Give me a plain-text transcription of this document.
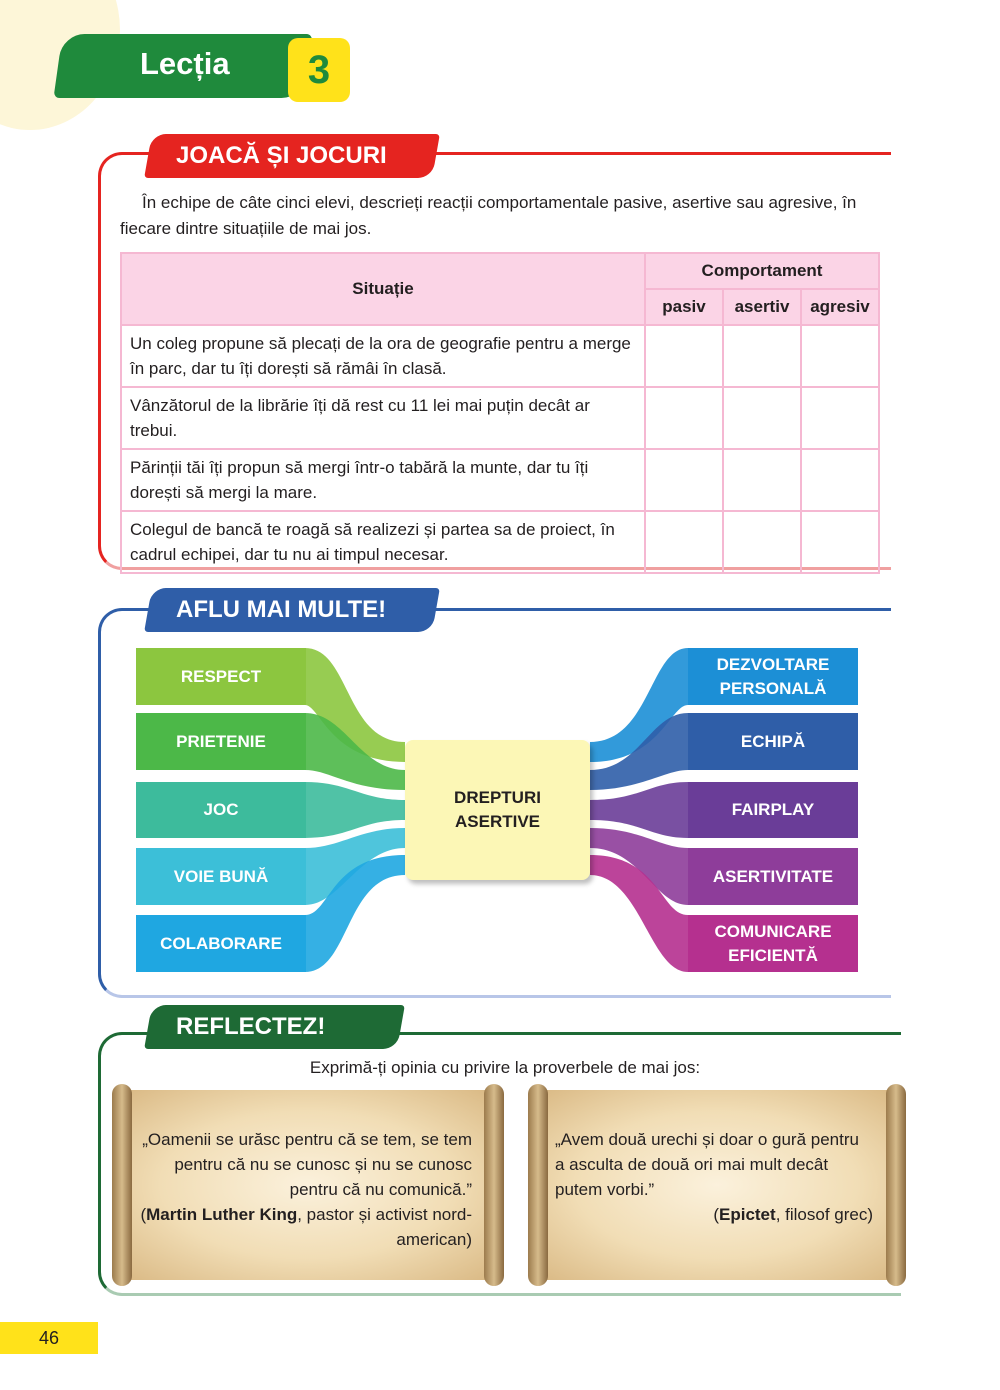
Lecția	3
JOACĂ ȘI JOCURI
În echipe de câte cinci elevi, descrieți reacții comportamentale pasive, asertive sau agresive, în fiecare dintre situațiile de mai jos.
Situație	Comportament		
	pasiv	asertiv	agresiv
Un coleg propune să plecați de la ora de geografie pentru a merge în parc, dar tu îți dorești să rămâi în clasă.			
Vânzătorul de la librărie îți dă rest cu 11 lei mai puțin decât ar trebui.			
Părinții tăi îți propun să mergi într-o tabără la munte, dar tu îți dorești să mergi la mare.			
Colegul de bancă te roagă să realizezi și partea sa de proiect, în cadrul echipei, dar tu nu ai timpul necesar.			
AFLU MAI MULTE!
RESPECT
PRIETENIE
JOC
VOIE BUNĂ
COLABORARE
DEZVOLTARE
PERSONALĂ
ECHIPĂ
FAIRPLAY
ASERTIVITATE
COMUNICARE
EFICIENTĂ
DREPTURI
ASERTIVE
REFLECTEZ!
Exprimă-ți opinia cu privire la proverbele de mai jos:
„Oamenii se urăsc pentru că se tem, se tem pentru că nu se cunosc și nu se cunosc pentru că nu comunică.”
(Martin Luther King, pastor și activist nord-american)
„Avem două urechi și doar o gură pentru a asculta de două ori mai mult decât putem vorbi.”
(Epictet, filosof grec)
46
